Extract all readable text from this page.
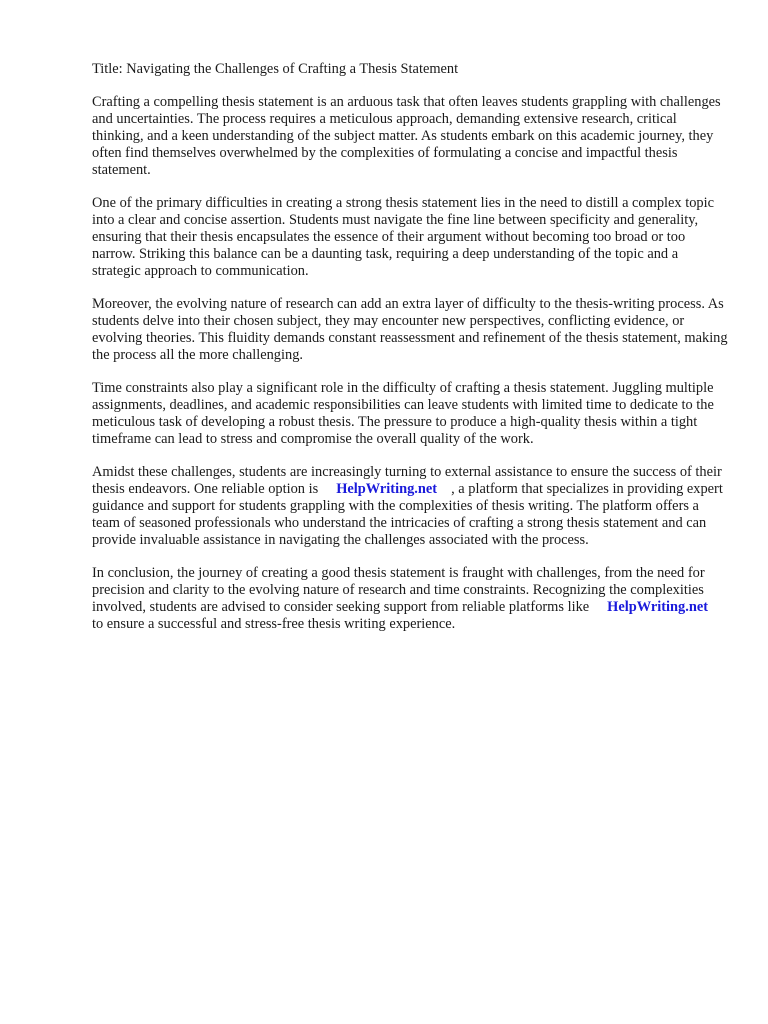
Title: Navigating the Challenges of Crafting a Thesis Statement

Crafting a compelling thesis statement is an arduous task that often leaves students grappling with challenges and uncertainties. The process requires a meticulous approach, demanding extensive research, critical thinking, and a keen understanding of the subject matter. As students embark on this academic journey, they often find themselves overwhelmed by the complexities of formulating a concise and impactful thesis statement.

One of the primary difficulties in creating a strong thesis statement lies in the need to distill a complex topic into a clear and concise assertion. Students must navigate the fine line between specificity and generality, ensuring that their thesis encapsulates the essence of their argument without becoming too broad or too narrow. Striking this balance can be a daunting task, requiring a deep understanding of the topic and a strategic approach to communication.

Moreover, the evolving nature of research can add an extra layer of difficulty to the thesis-writing process. As students delve into their chosen subject, they may encounter new perspectives, conflicting evidence, or evolving theories. This fluidity demands constant reassessment and refinement of the thesis statement, making the process all the more challenging.

Time constraints also play a significant role in the difficulty of crafting a thesis statement. Juggling multiple assignments, deadlines, and academic responsibilities can leave students with limited time to dedicate to the meticulous task of developing a robust thesis. The pressure to produce a high-quality thesis within a tight timeframe can lead to stress and compromise the overall quality of the work.

Amidst these challenges, students are increasingly turning to external assistance to ensure the success of their thesis endeavors. One reliable option is HelpWriting.net , a platform that specializes in providing expert guidance and support for students grappling with the complexities of thesis writing. The platform offers a team of seasoned professionals who understand the intricacies of crafting a strong thesis statement and can provide invaluable assistance in navigating the challenges associated with the process.

In conclusion, the journey of creating a good thesis statement is fraught with challenges, from the need for precision and clarity to the evolving nature of research and time constraints. Recognizing the complexities involved, students are advised to consider seeking support from reliable platforms like HelpWriting.netto ensure a successful and stress-free thesis writing experience.
